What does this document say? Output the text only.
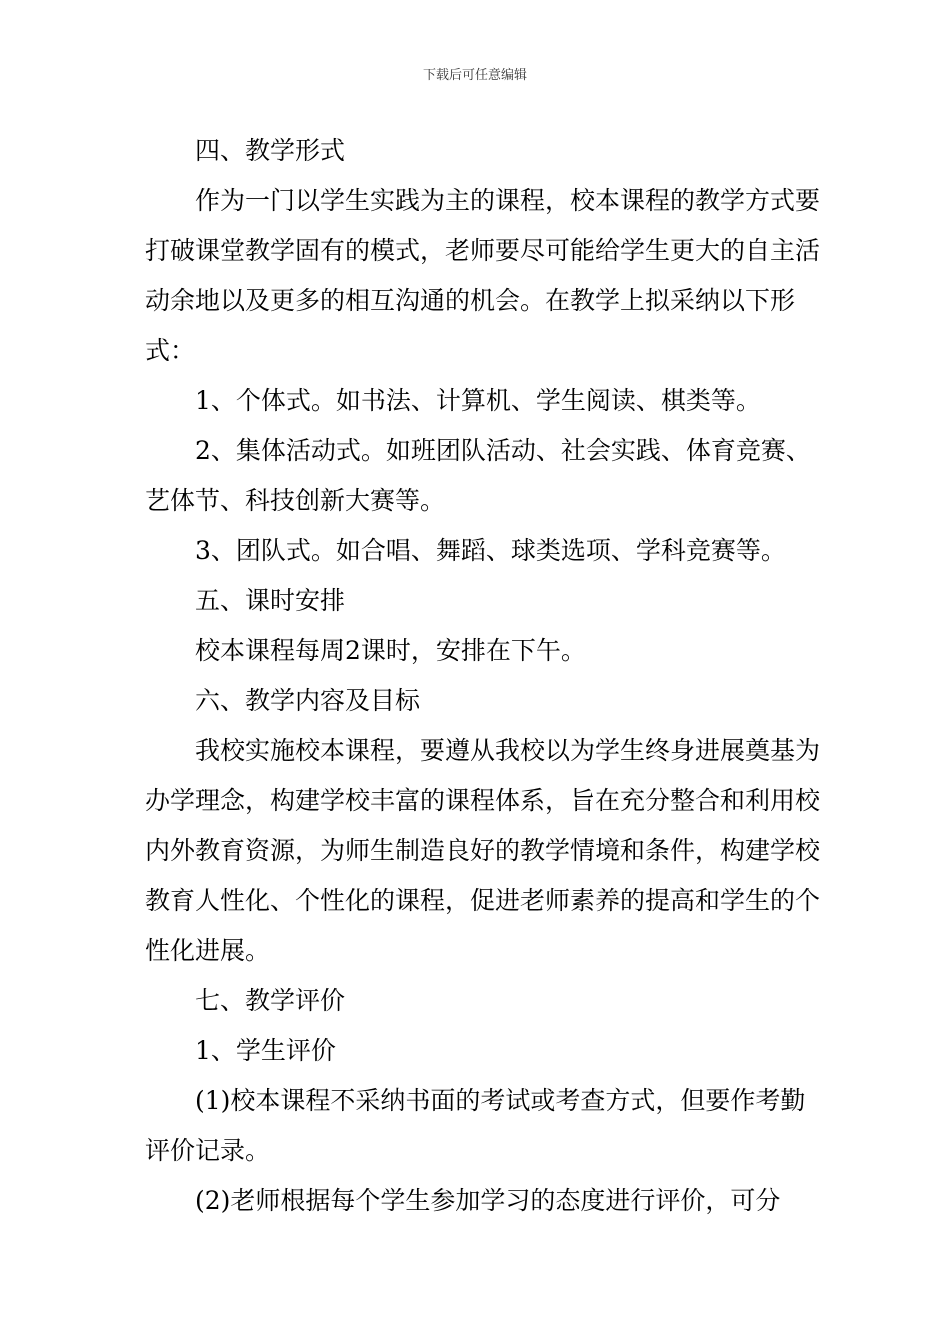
下载后可任意编辑

四、教学形式

作为一门以学生实践为主的课程，校本课程的教学方式要打破课堂教学固有的模式，老师要尽可能给学生更大的自主活动余地以及更多的相互沟通的机会。在教学上拟采纳以下形式：

1、个体式。如书法、计算机、学生阅读、棋类等。

2、集体活动式。如班团队活动、社会实践、体育竞赛、艺体节、科技创新大赛等。

3、团队式。如合唱、舞蹈、球类选项、学科竞赛等。

五、课时安排

校本课程每周2课时，安排在下午。

六、教学内容及目标

我校实施校本课程，要遵从我校以为学生终身进展奠基为办学理念，构建学校丰富的课程体系，旨在充分整合和利用校内外教育资源，为师生制造良好的教学情境和条件，构建学校教育人性化、个性化的课程，促进老师素养的提高和学生的个性化进展。

七、教学评价

1、学生评价

(1)校本课程不采纳书面的考试或考查方式，但要作考勤评价记录。

(2)老师根据每个学生参加学习的态度进行评价，可分
